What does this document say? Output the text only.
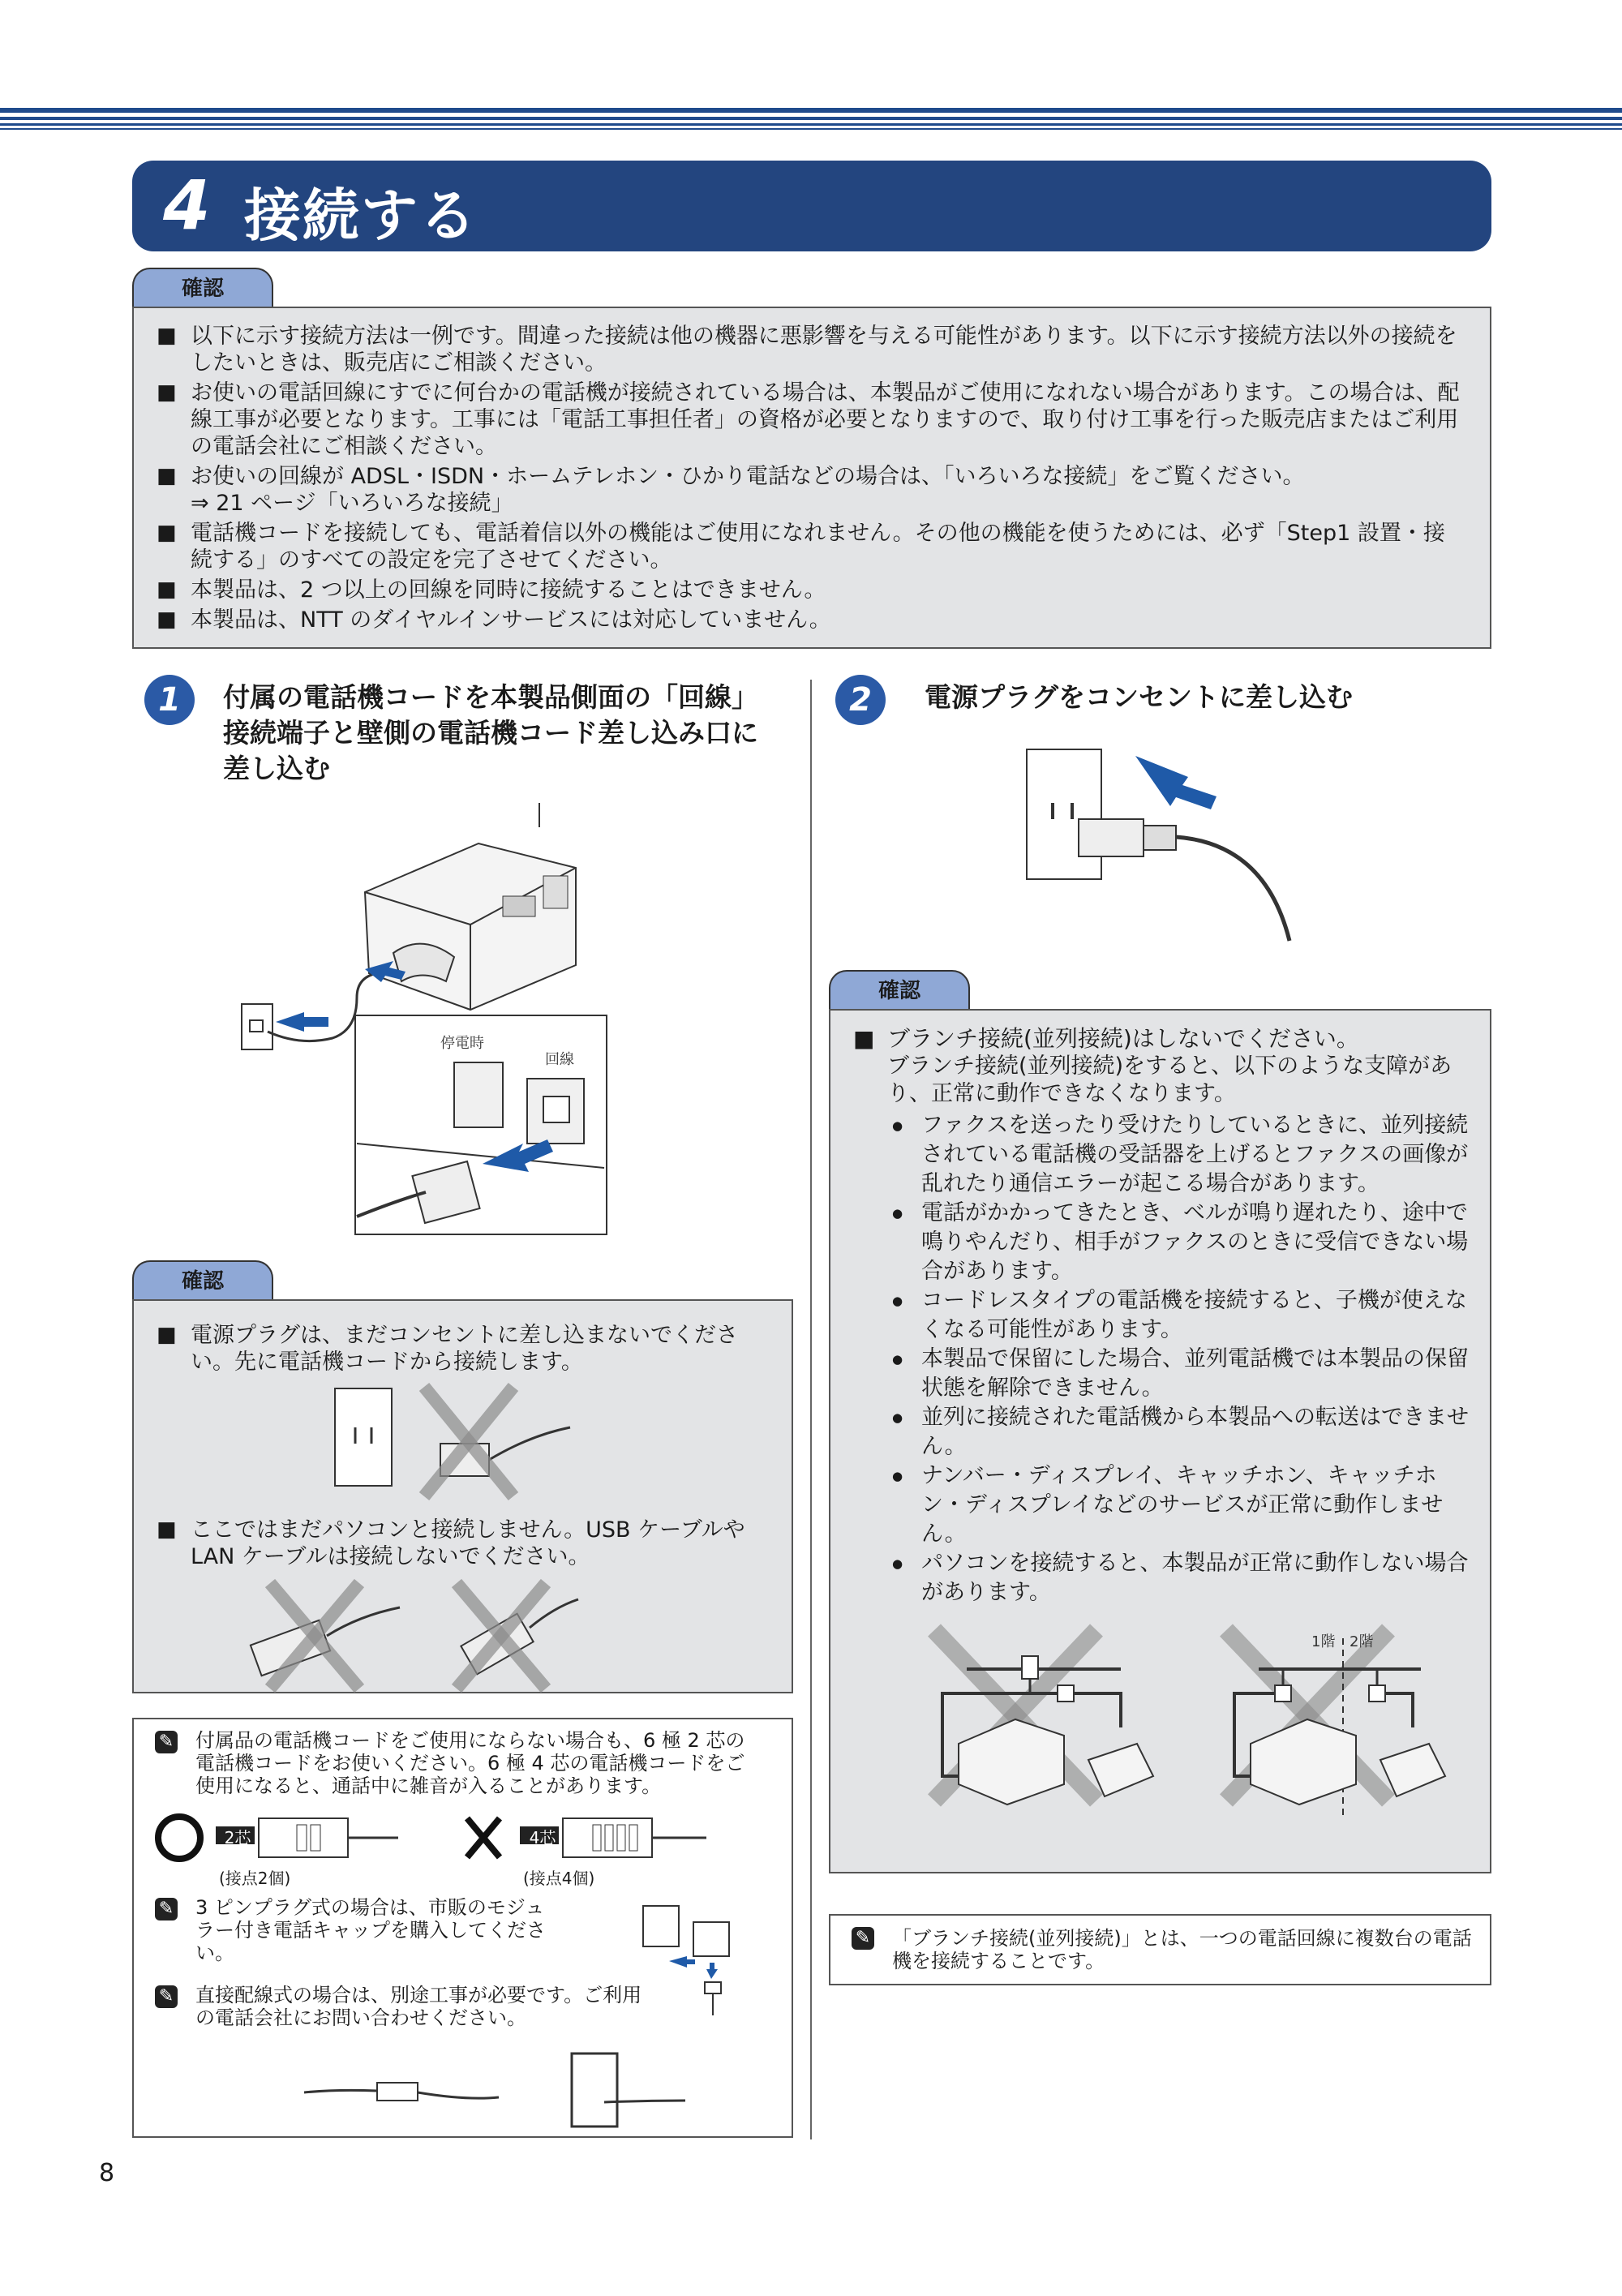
4 接続する
確認
■ 以下に示す接続方法は一例です。間違った接続は他の機器に悪影響を与える可能性があります。以下に示す接続方法以外の接続をしたいときは、販売店にご相談ください。
■ お使いの電話回線にすでに何台かの電話機が接続されている場合は、本製品がご使用になれない場合があります。この場合は、配線工事が必要となります。工事には「電話工事担任者」の資格が必要となりますので、取り付け工事を行った販売店またはご利用の電話会社にご相談ください。
■ お使いの回線が ADSL・ISDN・ホームテレホン・ひかり電話などの場合は、「いろいろな接続」をご覧ください。
⇒ 21 ページ「いろいろな接続」
■ 電話機コードを接続しても、電話着信以外の機能はご使用になれません。その他の機能を使うためには、必ず「Step1 設置・接続する」のすべての設定を完了させてください。
■ 本製品は、2 つ以上の回線を同時に接続することはできません。
■ 本製品は、NTT のダイヤルインサービスには対応していません。
1	付属の電話機コードを本製品側面の「回線」接続端子と壁側の電話機コード差し込み口に差し込む
停電時
回線
確認
■ 電源プラグは、まだコンセントに差し込まないでください。先に電話機コードから接続します。
■ ここではまだパソコンと接続しません。USB ケーブルや LAN ケーブルは接続しないでください。
✎ 付属品の電話機コードをご使用にならない場合も、6 極 2 芯の電話機コードをお使いください。6 極 4 芯の電話機コードをご使用になると、通話中に雑音が入ることがあります。
2芯	4芯
(接点2個)	(接点4個)
✎ 3 ピンプラグ式の場合は、市販のモジュラー付き電話キャップを購入してください。
✎ 直接配線式の場合は、別途工事が必要です。ご利用の電話会社にお問い合わせください。
2	電源プラグをコンセントに差し込む
確認
■ ブランチ接続(並列接続)はしないでください。
ブランチ接続(並列接続)をすると、以下のような支障があり、正常に動作できなくなります。
● ファクスを送ったり受けたりしているときに、並列接続されている電話機の受話器を上げるとファクスの画像が乱れたり通信エラーが起こる場合があります。
● 電話がかかってきたとき、ベルが鳴り遅れたり、途中で鳴りやんだり、相手がファクスのときに受信できない場合があります。
● コードレスタイプの電話機を接続すると、子機が使えなくなる可能性があります。
● 本製品で保留にした場合、並列電話機では本製品の保留状態を解除できません。
● 並列に接続された電話機から本製品への転送はできません。
● ナンバー・ディスプレイ、キャッチホン、キャッチホン・ディスプレイなどのサービスが正常に動作しません。
● パソコンを接続すると、本製品が正常に動作しない場合があります。
1階 2階
✎ 「ブランチ接続(並列接続)」とは、一つの電話回線に複数台の電話機を接続することです。
8
